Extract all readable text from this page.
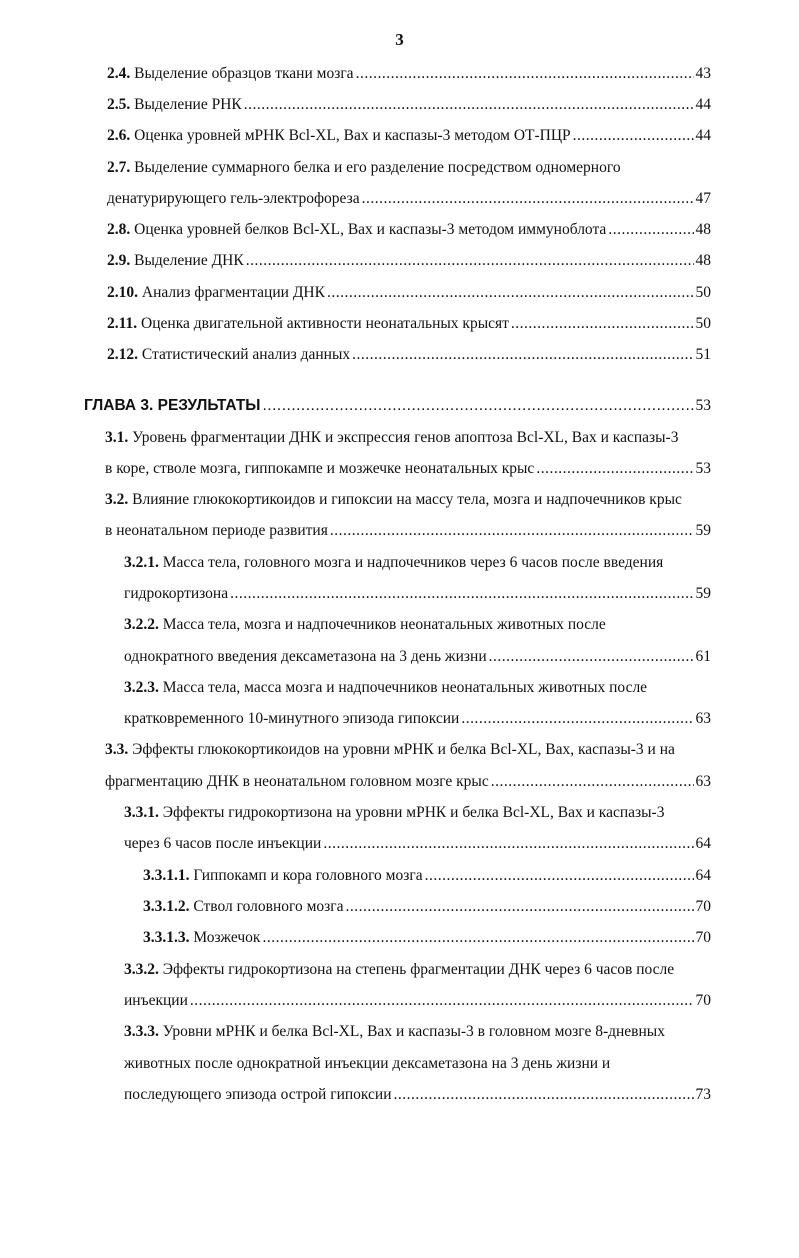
3
2.4. Выделение образцов ткани мозга .....	43
2.5. Выделение РНК .....	44
2.6. Оценка уровней мРНК Bcl-XL, Bax и каспазы-3 методом ОТ-ПЦР .....	44
2.7. Выделение суммарного белка и его разделение посредством одномерного
денатурирующего гель-электрофореза .....	47
2.8. Оценка уровней белков Bcl-XL, Bax и каспазы-3 методом иммуноблота .....	48
2.9. Выделение ДНК .....	48
2.10. Анализ фрагментации ДНК .....	50
2.11. Оценка двигательной активности неонатальных крысят .....	50
2.12. Статистический анализ данных .....	51
ГЛАВА 3. РЕЗУЛЬТАТЫ .....	53
3.1. Уровень фрагментации ДНК и экспрессия генов апоптоза Bcl-XL, Bax и каспазы-3
в коре, стволе мозга, гиппокампе и мозжечке неонатальных крыс .....	53
3.2. Влияние глюкокортикоидов и гипоксии на массу тела, мозга и надпочечников крыс
в неонатальном периоде развития .....	59
3.2.1. Масса тела, головного мозга и надпочечников через 6 часов после введения
гидрокортизона .....	59
3.2.2. Масса тела, мозга и надпочечников неонатальных животных после
однократного введения дексаметазона на 3 день жизни .....	61
3.2.3. Масса тела, масса мозга и надпочечников неонатальных животных после
кратковременного 10-минутного эпизода гипоксии .....	63
3.3. Эффекты глюкокортикоидов на уровни мРНК и белка Bcl-XL, Bax, каспазы-3 и на
фрагментацию ДНК в неонатальном головном мозге крыс .....	63
3.3.1. Эффекты гидрокортизона на уровни мРНК и белка Bcl-XL, Bax и каспазы-3
через 6 часов после инъекции .....	64
3.3.1.1. Гиппокамп и кора головного мозга .....	64
3.3.1.2. Ствол головного мозга .....	70
3.3.1.3. Мозжечок .....	70
3.3.2. Эффекты гидрокортизона на степень фрагментации ДНК через 6 часов после
инъекции .....	70
3.3.3. Уровни мРНК и белка Bcl-XL, Bax и каспазы-3 в головном мозге 8-дневных
животных после однократной инъекции дексаметазона на 3 день жизни и
последующего эпизода острой гипоксии .....	73
